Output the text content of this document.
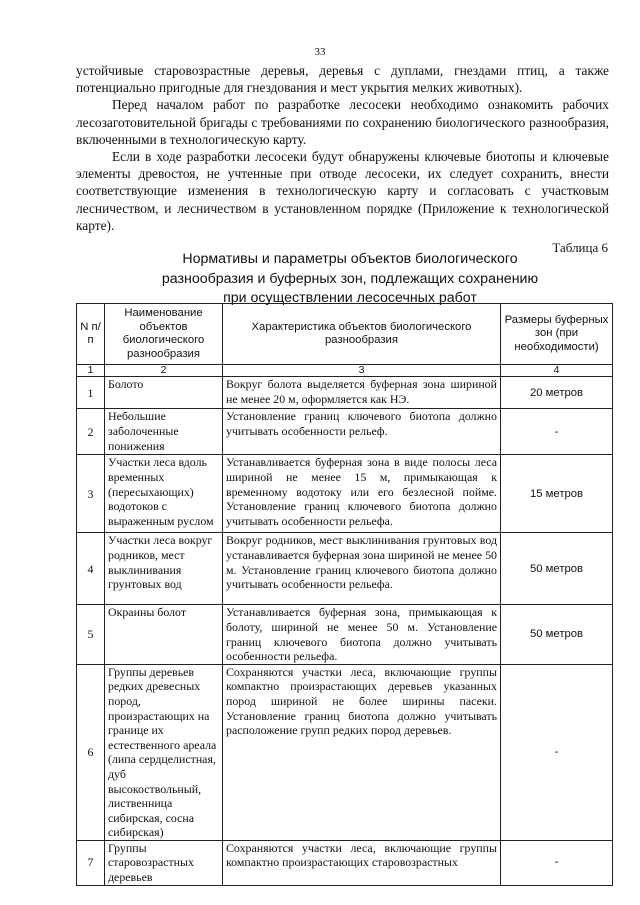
33

устойчивые старовозрастные деревья, деревья с дуплами, гнездами птиц, а также потенциально пригодные для гнездования и мест укрытия мелких животных).

Перед началом работ по разработке лесосеки необходимо ознакомить рабочих лесозаготовительной бригады с требованиями по сохранению биологического разнообразия, включенными в технологическую карту.

Если в ходе разработки лесосеки будут обнаружены ключевые биотопы и ключевые элементы древостоя, не учтенные при отводе лесосеки, их следует сохранить, внести соответствующие изменения в технологическую карту и согласовать с участковым лесничеством, и лесничеством в установленном порядке (Приложение к технологической карте).

Таблица 6
Нормативы и параметры объектов биологического разнообразия и буферных зон, подлежащих сохранению при осуществлении лесосечных работ
N п/п	Наименование объектов биологического разнообразия	Характеристика объектов биологического разнообразия	Размеры буферных зон (при необходимости)
1	2	3	4
1	Болото	Вокруг болота выделяется буферная зона шириной не менее 20 м, оформляется как НЭ.	20 метров
2	Небольшие заболоченные понижения	Установление границ ключевого биотопа должно учитывать особенности рельеф.	-
3	Участки леса вдоль временных (пересыхающих) водотоков с выраженным руслом	Устанавливается буферная зона в виде полосы леса шириной не менее 15 м, примыкающая к временному водотоку или его безлесной пойме. Установление границ ключевого биотопа должно учитывать особенности рельефа.	15 метров
4	Участки леса вокруг родников, мест выклинивания грунтовых вод	Вокруг родников, мест выклинивания грунтовых вод устанавливается буферная зона шириной не менее 50 м. Установление границ ключевого биотопа должно учитывать особенности рельефа.	50 метров
5	Окраины болот	Устанавливается буферная зона, примыкающая к болоту, шириной не менее 50 м. Установление границ ключевого биотопа должно учитывать особенности рельефа.	50 метров
6	Группы деревьев редких древесных пород, произрастающих на границе их естественного ареала (липа сердцелистная, дуб высокоствольный, лиственница сибирская, сосна сибирская)	Сохраняются участки леса, включающие группы компактно произрастающих деревьев указанных пород шириной не более ширины пасеки. Установление границ биотопа должно учитывать расположение групп редких пород деревьев.	-
7	Группы старовозрастных деревьев	Сохраняются участки леса, включающие группы компактно произрастающих старовозрастных	-
